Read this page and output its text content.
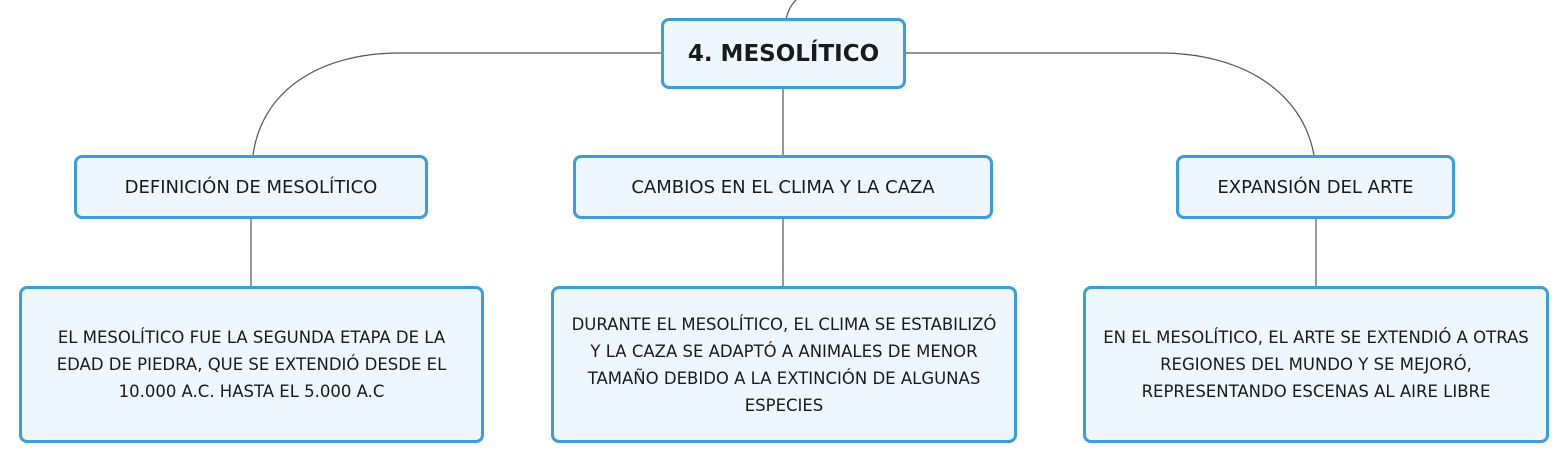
4. MESOLÍTICO
DEFINICIÓN DE MESOLÍTICO	CAMBIOS EN EL CLIMA Y LA CAZA	EXPANSIÓN DEL ARTE
EL MESOLÍTICO FUE LA SEGUNDA ETAPA DE LA EDAD DE PIEDRA, QUE SE EXTENDIÓ DESDE EL 10.000 A.C. HASTA EL 5.000 A.C
DURANTE EL MESOLÍTICO, EL CLIMA SE ESTABILIZÓ Y LA CAZA SE ADAPTÓ A ANIMALES DE MENOR TAMAÑO DEBIDO A LA EXTINCIÓN DE ALGUNAS ESPECIES
EN EL MESOLÍTICO, EL ARTE SE EXTENDIÓ A OTRAS REGIONES DEL MUNDO Y SE MEJORÓ, REPRESENTANDO ESCENAS AL AIRE LIBRE
